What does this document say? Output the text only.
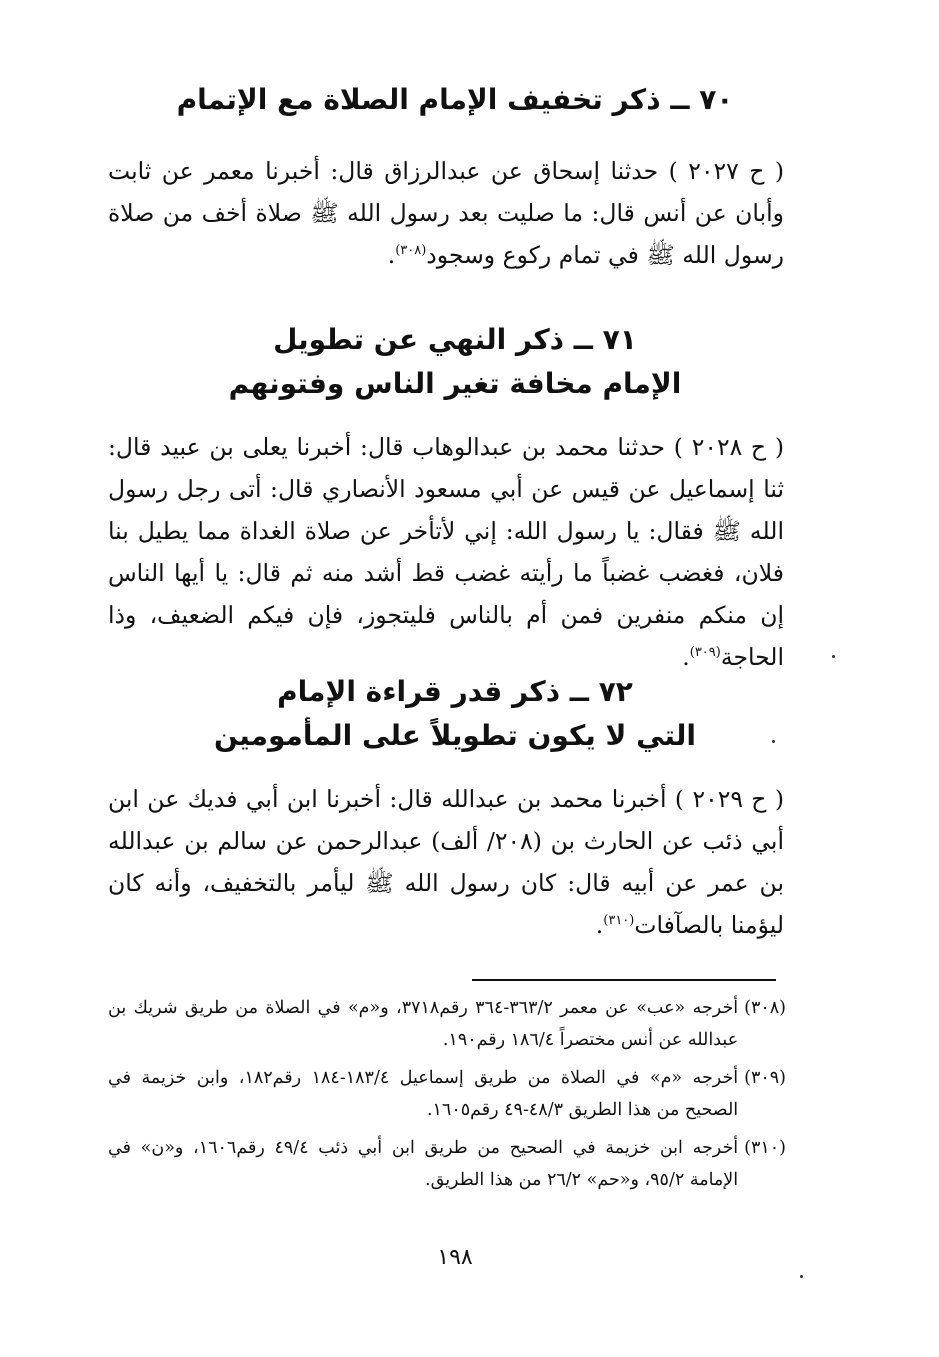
٧٠ ــ ذكر تخفيف الإمام الصلاة مع الإتمام

( ح ٢٠٢٧ ) حدثنا إسحاق عن عبدالرزاق قال: أخبرنا معمر عن ثابت وأبان عن أنس قال: ما صليت بعد رسول الله ﷺ صلاة أخف من صلاة رسول الله ﷺ في تمام ركوع وسجود$^{(٣٠٨)}$.

٧١ ــ ذكر النهي عن تطويل
الإمام مخافة تغير الناس وفتونهم

( ح ٢٠٢٨ ) حدثنا محمد بن عبدالوهاب قال: أخبرنا يعلى بن عبيد قال: ثنا إسماعيل عن قيس عن أبي مسعود الأنصاري قال: أتى رجل رسول الله ﷺ فقال: يا رسول الله: إني لأتأخر عن صلاة الغداة مما يطيل بنا فلان، فغضب غضباً ما رأيته غضب قط أشد منه ثم قال: يا أيها الناس إن منكم منفرين فمن أم بالناس فليتجوز، فإن فيكم الضعيف، وذا الحاجة$^{(٣٠٩)}$.

٧٢ ــ ذكر قدر قراءة الإمام
التي لا يكون تطويلاً على المأمومين

( ح ٢٠٢٩ ) أخبرنا محمد بن عبدالله قال: أخبرنا ابن أبي فديك عن ابن أبي ذئب عن الحارث بن (٢٠٨/ ألف) عبدالرحمن عن سالم بن عبدالله بن عمر عن أبيه قال: كان رسول الله ﷺ ليأمر بالتخفيف، وأنه كان ليؤمنا بالصآفات$^{(٣١٠)}$.

(٣٠٨)
أخرجه «عب» عن معمر ٣٦٣/٢-٣٦٤ رقم٣٧١٨، و«م» في الصلاة من طريق شريك بن عبدالله عن أنس مختصراً ١٨٦/٤ رقم١٩٠.
(٣٠٩)
أخرجه «م» في الصلاة من طريق إسماعيل ١٨٣/٤-١٨٤ رقم١٨٢، وابن خزيمة في الصحيح من هذا الطريق ٤٨/٣-٤٩ رقم١٦٠٥.
(٣١٠)
أخرجه ابن خزيمة في الصحيح من طريق ابن أبي ذئب ٤٩/٤ رقم١٦٠٦، و«ن» في الإمامة ٩٥/٢، و«حم» ٢٦/٢ من هذا الطريق.
١٩٨
